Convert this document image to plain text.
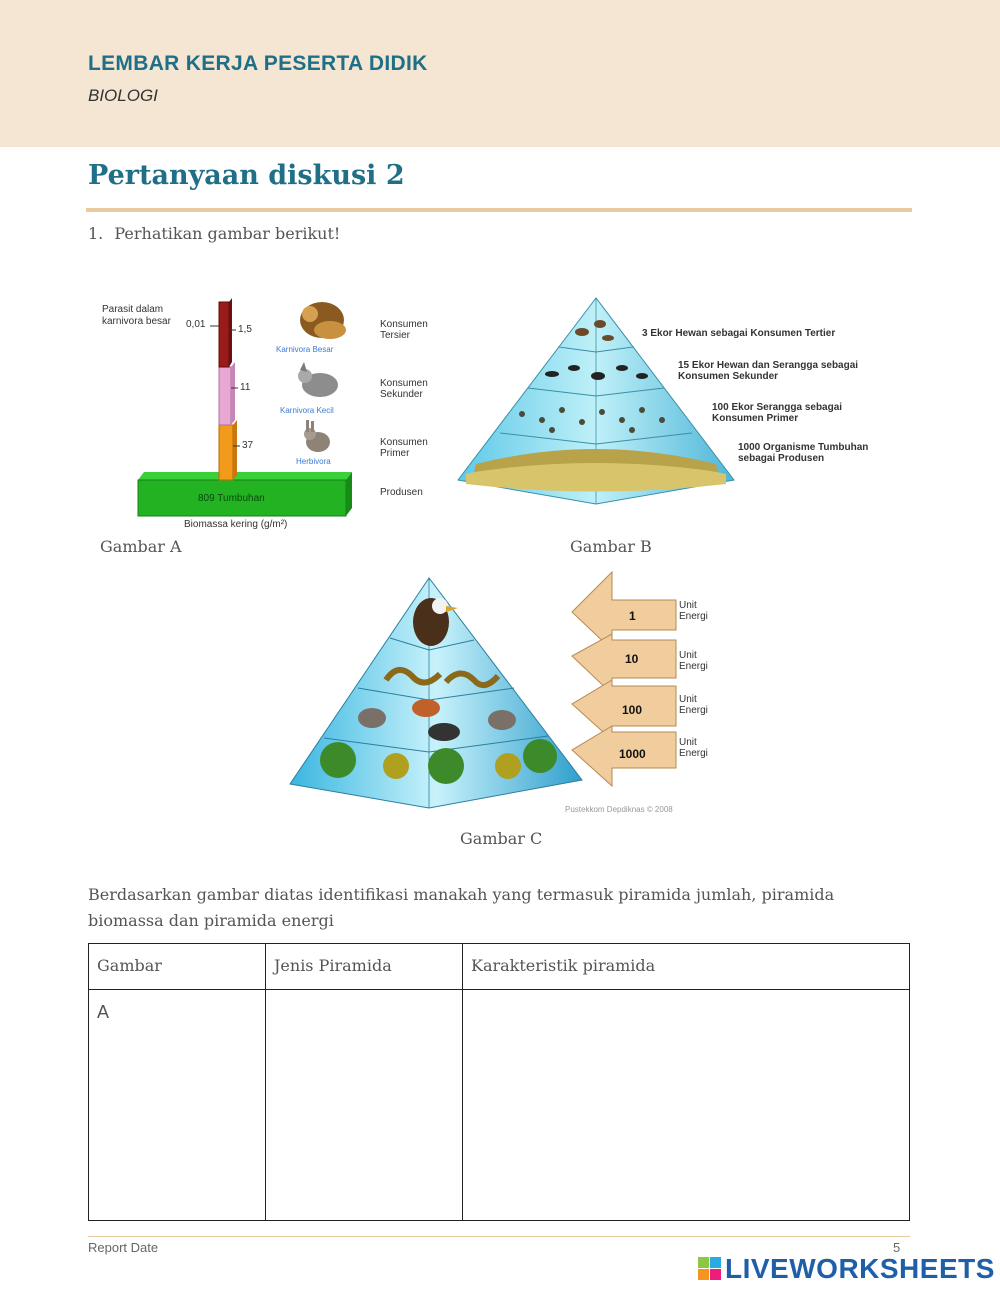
LEMBAR KERJA PESERTA DIDIK
BIOLOGI
Pertanyaan diskusi 2
1. Perhatikan gambar berikut!
Parasit dalam
karnivora besar 0,01	1,5
11
37
809 Tumbuhan
Biomassa kering (g/m²)
Karnivora Besar
Karnivora Kecil
Herbivora
Konsumen
Tersier
Konsumen
Sekunder
Konsumen
Primer
Produsen
Gambar A
3 Ekor Hewan sebagai Konsumen Tertier
15 Ekor Hewan dan Serangga sebagai
Konsumen Sekunder
100 Ekor Serangga sebagai
Konsumen Primer
1000 Organisme Tumbuhan
sebagai Produsen
Gambar B
1
10
100
1000
Unit
Energi
Unit
Energi
Unit
Energi
Unit
Energi
Pustekkom Depdiknas © 2008
Gambar C
Berdasarkan gambar diatas identifikasi manakah yang termasuk piramida jumlah, piramida biomassa dan piramida energi
Gambar	Jenis Piramida	Karakteristik piramida
A		
Report Date	5
LIVEWORKSHEETS
